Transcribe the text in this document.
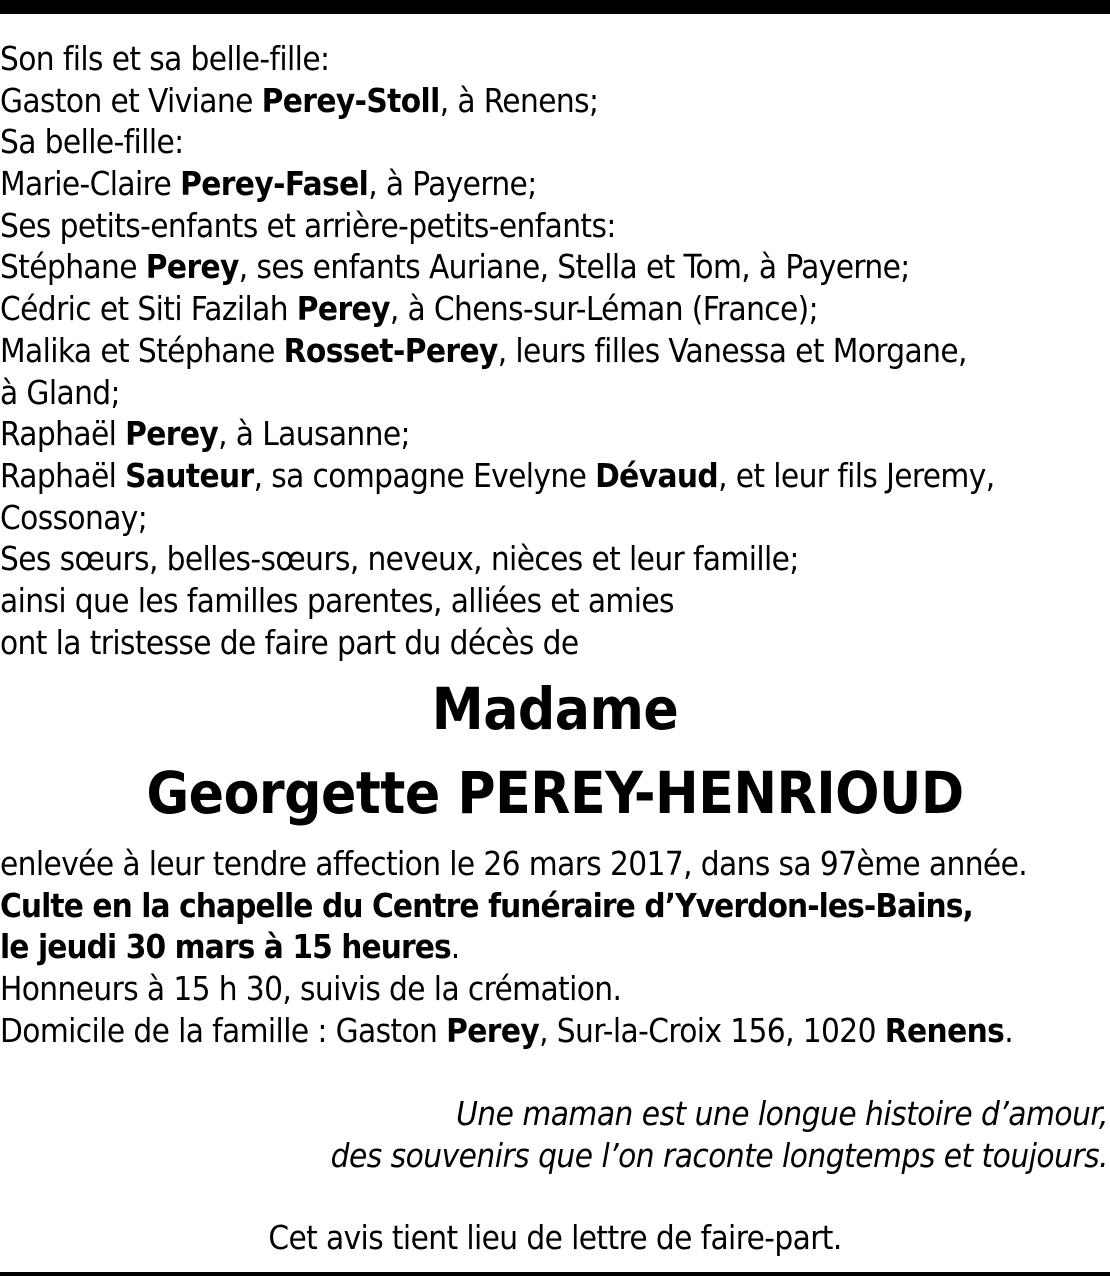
Son fils et sa belle-fille:
Gaston et Viviane Perey-Stoll, à Renens;
Sa belle-fille:
Marie-Claire Perey-Fasel, à Payerne;
Ses petits-enfants et arrière-petits-enfants:
Stéphane Perey, ses enfants Auriane, Stella et Tom, à Payerne;
Cédric et Siti Fazilah Perey, à Chens-sur-Léman (France);
Malika et Stéphane Rosset-Perey, leurs filles Vanessa et Morgane,
à Gland;
Raphaël Perey, à Lausanne;
Raphaël Sauteur, sa compagne Evelyne Dévaud, et leur fils Jeremy,
Cossonay;
Ses sœurs, belles-sœurs, neveux, nièces et leur famille;
ainsi que les familles parentes, alliées et amies
ont la tristesse de faire part du décès de
Madame
Georgette PEREY-HENRIOUD
enlevée à leur tendre affection le 26 mars 2017, dans sa 97ème année.
Culte en la chapelle du Centre funéraire d’Yverdon-les-Bains,
le jeudi 30 mars à 15 heures.
Honneurs à 15 h 30, suivis de la crémation.
Domicile de la famille : Gaston Perey, Sur-la-Croix 156, 1020 Renens.
Une maman est une longue histoire d’amour,
des souvenirs que l’on raconte longtemps et toujours.
Cet avis tient lieu de lettre de faire-part.
